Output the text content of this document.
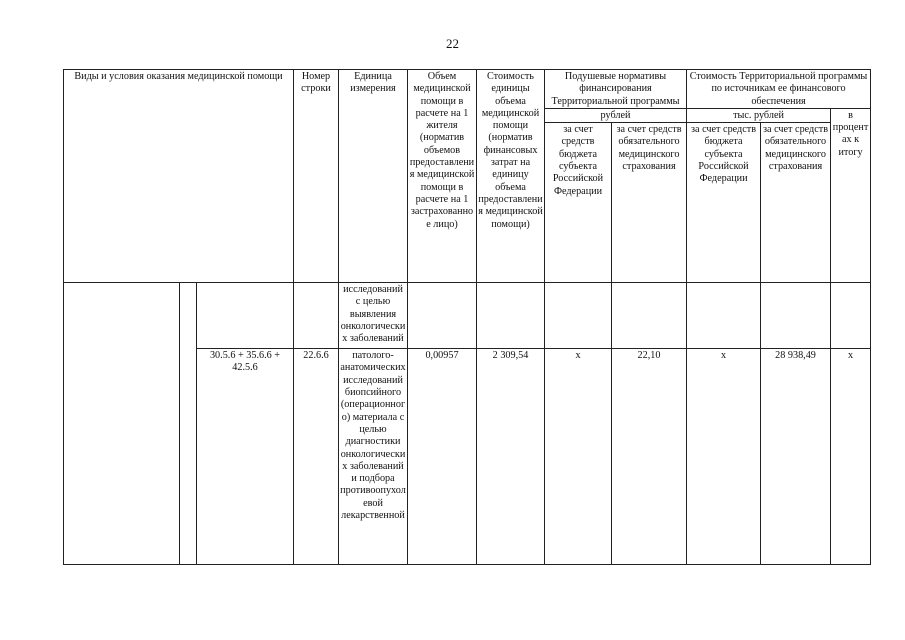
22
Виды и условия оказания медицинской помощи			Номер строки	Единица измерения	Объем медицинской помощи в расчете на 1 жителя (норматив объемов предоставления медицинской помощи в расчете на 1 застрахованное лицо)	Стоимость единицы объема медицинской помощи (норматив финансовых затрат на единицу объема предоставления медицинской помощи)	Подушевые нормативы финансирования Территориальной программы		Стоимость Территориальной программы по источникам ее финансового обеспечения		
							рублей		тыс. рублей		в процентах к итогу
							за счет средств бюджета субъекта Российской Федерации	за счет средств обязательного медицинского страхования	за счет средств бюджета субъекта Российской Федерации	за счет средств обязательного медицинского страхования	
				исследований с целью выявления онкологических заболеваний							
		30.5.6 + 35.6.6 + 42.5.6	22.6.6	патолого-анатомических исследований биопсийного (операционного) материала с целью диагностики онкологических заболеваний и подбора противоопухолевой лекарственной	0,00957	2 309,54	x	22,10	x	28 938,49	x
